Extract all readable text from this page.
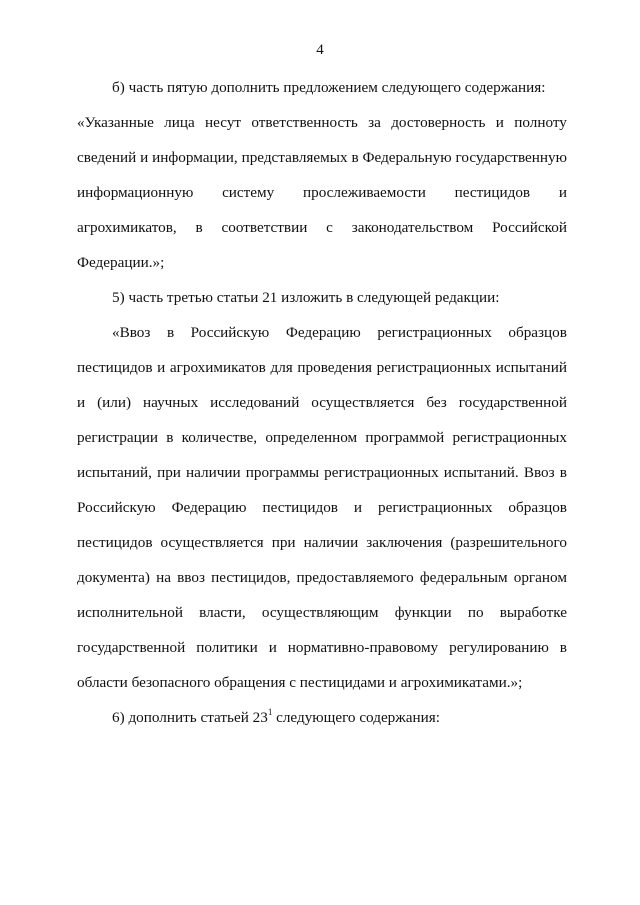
4
б) часть пятую дополнить предложением следующего содержания:
«Указанные лица несут ответственность за достоверность и полноту
сведений и информации, представляемых в Федеральную государственную
информационную систему прослеживаемости пестицидов и
агрохимикатов, в соответствии с законодательством Российской
Федерации.»;
5) часть третью статьи 21 изложить в следующей редакции:
«Ввоз в Российскую Федерацию регистрационных образцов
пестицидов и агрохимикатов для проведения регистрационных испытаний
и (или) научных исследований осуществляется без государственной
регистрации в количестве, определенном программой регистрационных
испытаний, при наличии программы регистрационных испытаний. Ввоз в
Российскую Федерацию пестицидов и регистрационных образцов
пестицидов осуществляется при наличии заключения (разрешительного
документа) на ввоз пестицидов, предоставляемого федеральным органом
исполнительной власти, осуществляющим функции по выработке
государственной политики и нормативно-правовому регулированию в
области безопасного обращения с пестицидами и агрохимикатами.»;
6) дополнить статьей $23^1$ следующего содержания:
